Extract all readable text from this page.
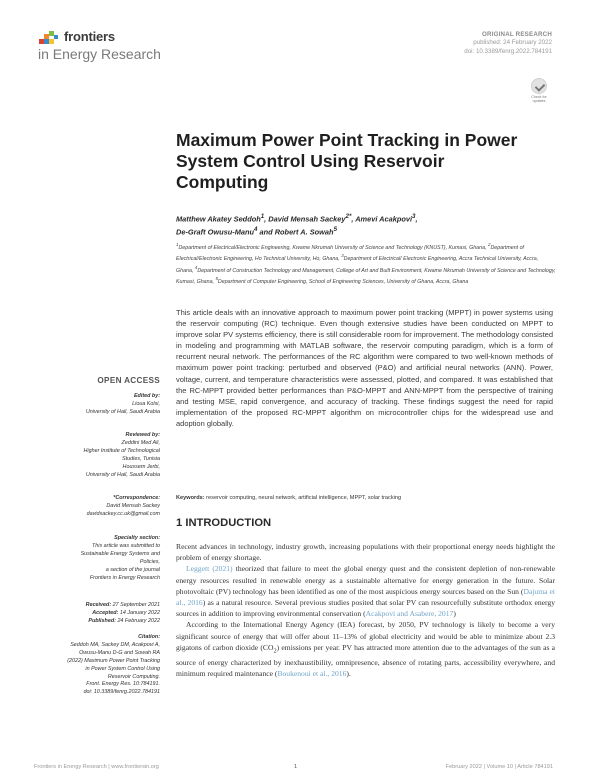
frontiers
in Energy Research
ORIGINAL RESEARCH
published: 24 February 2022
doi: 10.3389/fenrg.2022.784191
Check for updates
Maximum Power Point Tracking in Power System Control Using Reservoir Computing
Matthew Akatey Seddoh$^1$, David Mensah Sackey$^{2*}$, Amevi Acakpovi$^3$,
De-Graft Owusu-Manu$^4$ and Robert A. Sowah$^5$
$^1$Department of Electrical/Electronic Engineering, Kwame Nkrumah University of Science and Technology (KNUST), Kumasi, Ghana, $^2$Department of Electrical/Electronic Engineering, Ho Technical University, Ho, Ghana, $^3$Department of Electrical/ Electronic Engineering, Accra Technical University, Accra, Ghana, $^4$Department of Construction Technology and Management, College of Art and Built Environment, Kwame Nkrumah University of Science and Technology, Kumasi, Ghana, $^5$Department of Computer Engineering, School of Engineering Sciences, University of Ghana, Accra, Ghana
This article deals with an innovative approach to maximum power point tracking (MPPT) in power systems using the reservoir computing (RC) technique. Even though extensive studies have been conducted on MPPT to improve solar PV systems efficiency, there is still considerable room for improvement. The methodology consisted in modeling and programming with MATLAB software, the reservoir computing paradigm, which is a form of recurrent neural network. The performances of the RC algorithm were compared to two well-known methods of maximum power point tracking: perturbed and observed (P&O) and artificial neural networks (ANN). Power, voltage, current, and temperature characteristics were assessed, plotted, and compared. It was established that the RC-MPPT provided better performances than P&O-MPPT and ANN-MPPT from the perspective of training and testing MSE, rapid convergence, and accuracy of tracking. These findings suggest the need for rapid implementation of the proposed RC-MPPT algorithm on microcontroller chips for the widespread use and adoption globally.
Keywords: reservoir computing, neural network, artificial intelligence, MPPT, solar tracking
OPEN ACCESS
Edited by:
Lioua Kolsi,
University of Hail, Saudi Arabia
Reviewed by:
Zeddini Med Ali,
Higher Institute of Technological
Studies, Tunisia
Houssem Jerbi,
University of Hail, Saudi Arabia
*Correspondence:
David Mensah Sackey
davidsackey.cc.uk@gmail.com
Specialty section:
This article was submitted to
Sustainable Energy Systems and
Policies,
a section of the journal
Frontiers in Energy Research
Received: 27 September 2021
Accepted: 14 January 2022
Published: 24 February 2022
Citation:
Seddoh MA, Sackey DM, Acakpovi A,
Owusu-Manu D-G and Sowah RA
(2022) Maximum Power Point Tracking
in Power System Control Using
Reservoir Computing.
Front. Energy Res. 10:784191.
doi: 10.3389/fenrg.2022.784191
1 INTRODUCTION

Recent advances in technology, industry growth, increasing populations with their proportional energy needs highlight the problem of energy shortage.

Leggett (2021) theorized that failure to meet the global energy quest and the consistent depletion of non-renewable energy resources resulted in renewable energy as a sustainable alternative for energy generation in the future. Solar photovoltaic (PV) technology has been identified as one of the most auspicious energy sources based on the Sun (Dajuma et al., 2016) as a natural resource. Several previous studies posited that solar PV can resourcefully substitute orthodox energy sources in addition to improving environmental conservation (Acakpovi and Asabere, 2017)

According to the International Energy Agency (IEA) forecast, by 2050, PV technology is likely to become a very significant source of energy that will offer about 11–13% of global electricity and would be able to minimize about 2.3 gigatons of carbon dioxide $(CO_2)$ emissions per year. PV has attracted more attention due to the advantages of the sun as a source of energy characterized by inexhaustibility, omnipresence, absence of rotating parts, accessibility everywhere, and minimum required maintenance (Boukenoui et al., 2016).

Frontiers in Energy Research | www.frontiersin.org	1	February 2022 | Volume 10 | Article 784191
